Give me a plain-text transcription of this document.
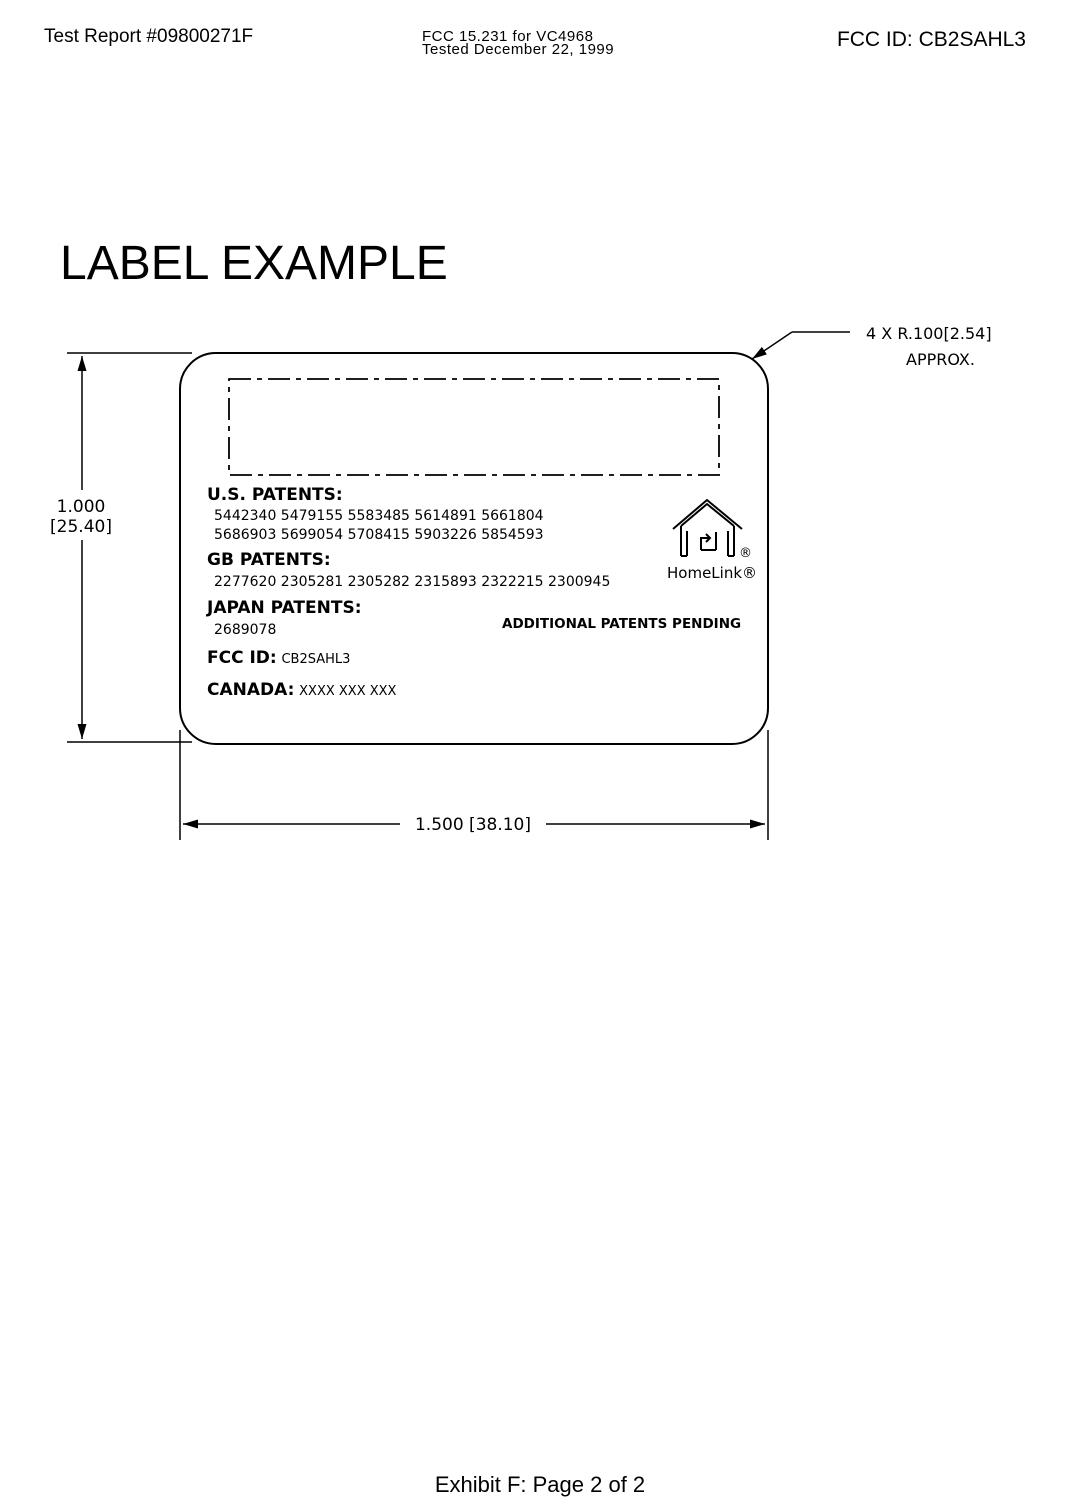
Test Report #09800271F	FCC 15.231 for VC4968
Tested December 22, 1999	FCC ID: CB2SAHL3
LABEL EXAMPLE
4 X R.100[2.54]
APPROX.
1.000
[25.40]
1.500 [38.10]
U.S. PATENTS:
5442340 5479155 5583485 5614891 5661804
5686903 5699054 5708415 5903226 5854593
GB PATENTS:
2277620 2305281 2305282 2315893 2322215 2300945
JAPAN PATENTS:
2689078	ADDITIONAL PATENTS PENDING
FCC ID: CB2SAHL3
CANADA: XXXX XXX XXX
®
HomeLink®
Exhibit F: Page 2 of 2
